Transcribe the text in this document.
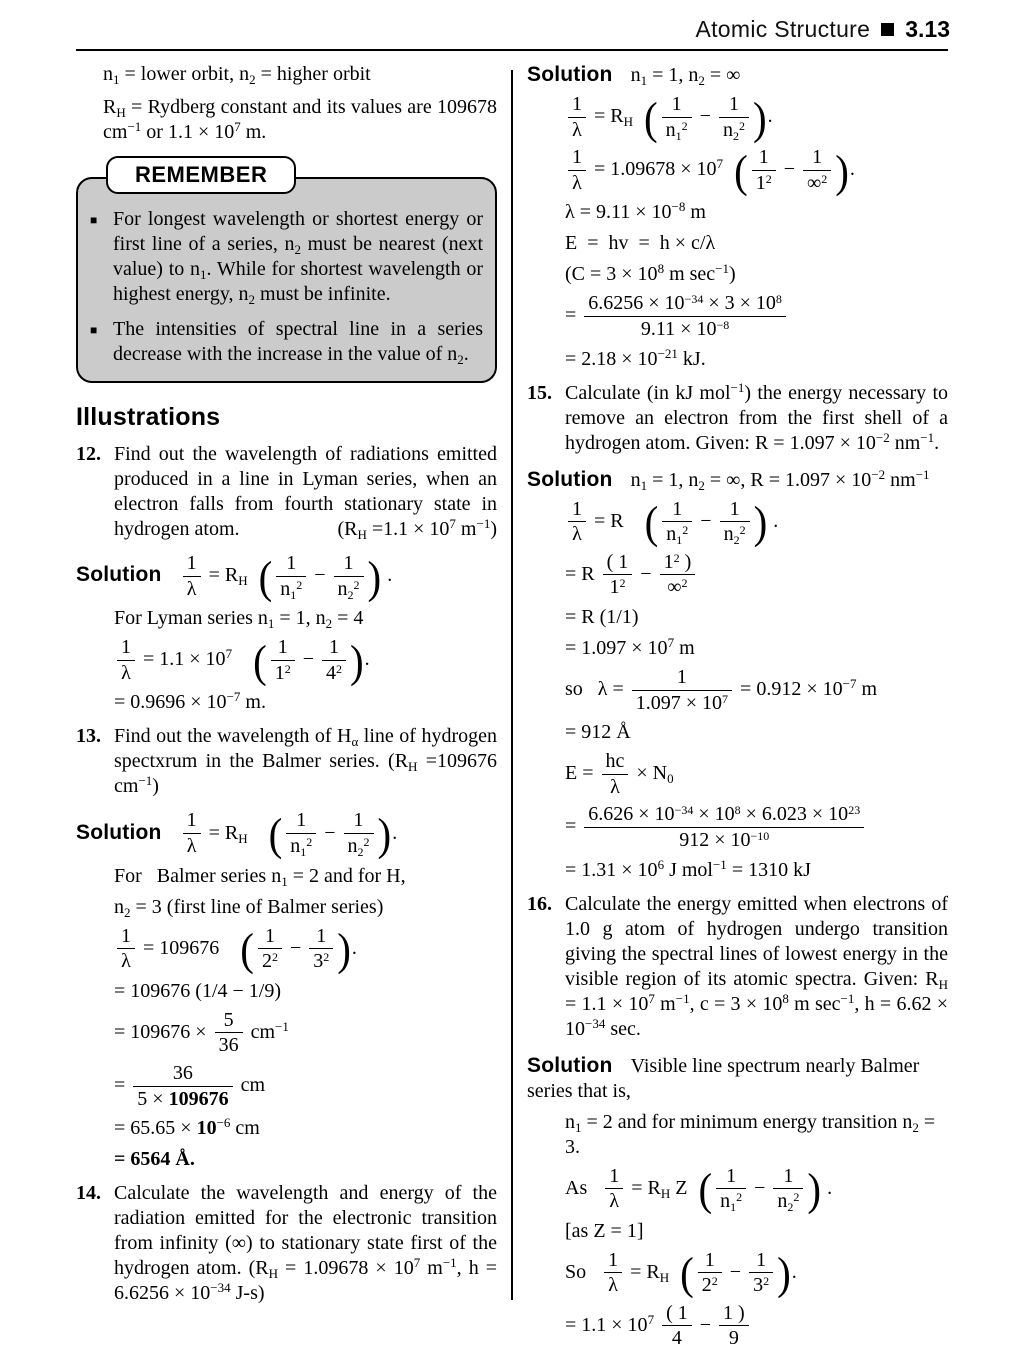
Atomic Structure 3.13

$n_1$ = lower orbit, $n_2$ = higher orbit

$R_H$ = Rydberg constant and its values are 109678 $cm^{-1}$ or $1.1 \times 10^7$ m.

REMEMBER
■ For longest wavelength or shortest energy or first line of a series, $n_2$ must be nearest (next value) to $n_1$. While for shortest wavelength or highest energy, $n_2$ must be infinite.
■ The intensities of spectral line in a series decrease with the increase in the value of $n_2$.
Illustrations
12. Find out the wavelength of radiations emitted produced in a line in Lyman series, when an electron falls from fourth stationary state in hydrogen atom.	($R_H =1.1 \times 10^7$ $m^{-1}$)
Solution $\frac{1}{\lambda} = R_H$  ( $\frac{1}{n_1^2} - \frac{1}{n_2^2}$ ) .
For Lyman series $n_1 = 1$, $n_2 = 4$
$\frac{1}{\lambda} = 1.1 \times 10^7$   ( $\frac{1}{1^2} - \frac{1}{4^2}$ ).
= $0.9696 \times 10^{-7}$ m.
13. Find out the wavelength of $H_\alpha$ line of hydrogen spectxrum in the Balmer series. ($R_H =109676$ $cm^{-1}$)
Solution $\frac{1}{\lambda} = R_H$   ( $\frac{1}{n_1^2} - \frac{1}{n_2^2}$ ).
For  Balmer series $n_1 = 2$ and for H,
$n_2 = 3$ (first line of Balmer series)
$\frac{1}{\lambda} = 109676$  ( $\frac{1}{2^2} - \frac{1}{3^2}$ ).
= 109676 (1/4 − 1/9)
= $109676 \times \frac{5}{36} cm^{-1}$
= $\frac{36}{5 \times 109676}$ cm
= $65.65 \times 10^{-6}$ cm
= 6564 Å.
14. Calculate the wavelength and energy of the radiation emitted for the electronic transition from infinity (∞) to stationary state first of the hydrogen atom. ($R_H = 1.09678 \times 10^7$ $m^{-1}$, $h = 6.6256 \times 10^{-34}$ J-s)
Solution $n_1 = 1$, $n_2$ = ∞
$\frac{1}{\lambda} = R_H$  ( $\frac{1}{n_1^2} - \frac{1}{n_2^2}$ ).
$\frac{1}{\lambda} = 1.09678 \times 10^7$  ( $\frac{1}{1^2} - \frac{1}{\infty^2}$ ).
$\lambda = 9.11 \times 10^{-8}$ m
E = hv = h × c/λ
($C = 3 \times 10^8$ m $\sec^{-1}$)
= $\frac{6.6256 \times 10^{-34} \times 3 \times 10^8}{9.11 \times 10^{-8}}$
= $2.18 \times 10^{-21}$ kJ.
15. Calculate (in kJ mol$^{-1}$) the energy necessary to remove an electron from the first shell of a hydrogen atom. Given: $R = 1.097 \times 10^{-2}$ $nm^{-1}$.
Solution $n_1 = 1$, $n_2$ = ∞, $R = 1.097 \times 10^{-2}$ $nm^{-1}$
$\frac{1}{\lambda} = R$  ( $\frac{1}{n_1^2} - \frac{1}{n_2^2}$ ) .
= R $\frac{( 1}{1^2} - \frac{1^2 )}{\infty^2}$
= R (1/1)
= $1.097 \times 10^7$ m
so  $\lambda = \frac{1}{1.097 \times 10^7} = 0.912 \times 10^{-7}$ m
= 912 Å
$E = \frac{hc}{\lambda} \times N_0$
= $\frac{6.626 \times 10^{-34} \times 10^8 \times 6.023 \times 10^{23}}{912 \times 10^{-10}}$
= $1.31 \times 10^6$ J mol$^{-1}$ = 1310 kJ
16. Calculate the energy emitted when electrons of 1.0 g atom of hydrogen undergo transition giving the spectral lines of lowest energy in the visible region of its atomic spectra. Given: $R_H = 1.1 \times 10^7$ $m^{-1}$, $c = 3 \times 10^8$ m $\sec^{-1}$, $h = 6.62 \times 10^{-34}$ sec.
Solution Visible line spectrum nearly Balmer series that is,
$n_1 = 2$ and for minimum energy transition $n_2 = 3$.
As  $\frac{1}{\lambda} = R_H$ Z ( $\frac{1}{n_1^2} - \frac{1}{n_2^2}$ ) .
[as Z = 1]
So  $\frac{1}{\lambda} = R_H$  ( $\frac{1}{2^2} - \frac{1}{3^2}$ ).
= $1.1 \times 10^7 \frac{( 1}{4} - \frac{1 )}{9}$
